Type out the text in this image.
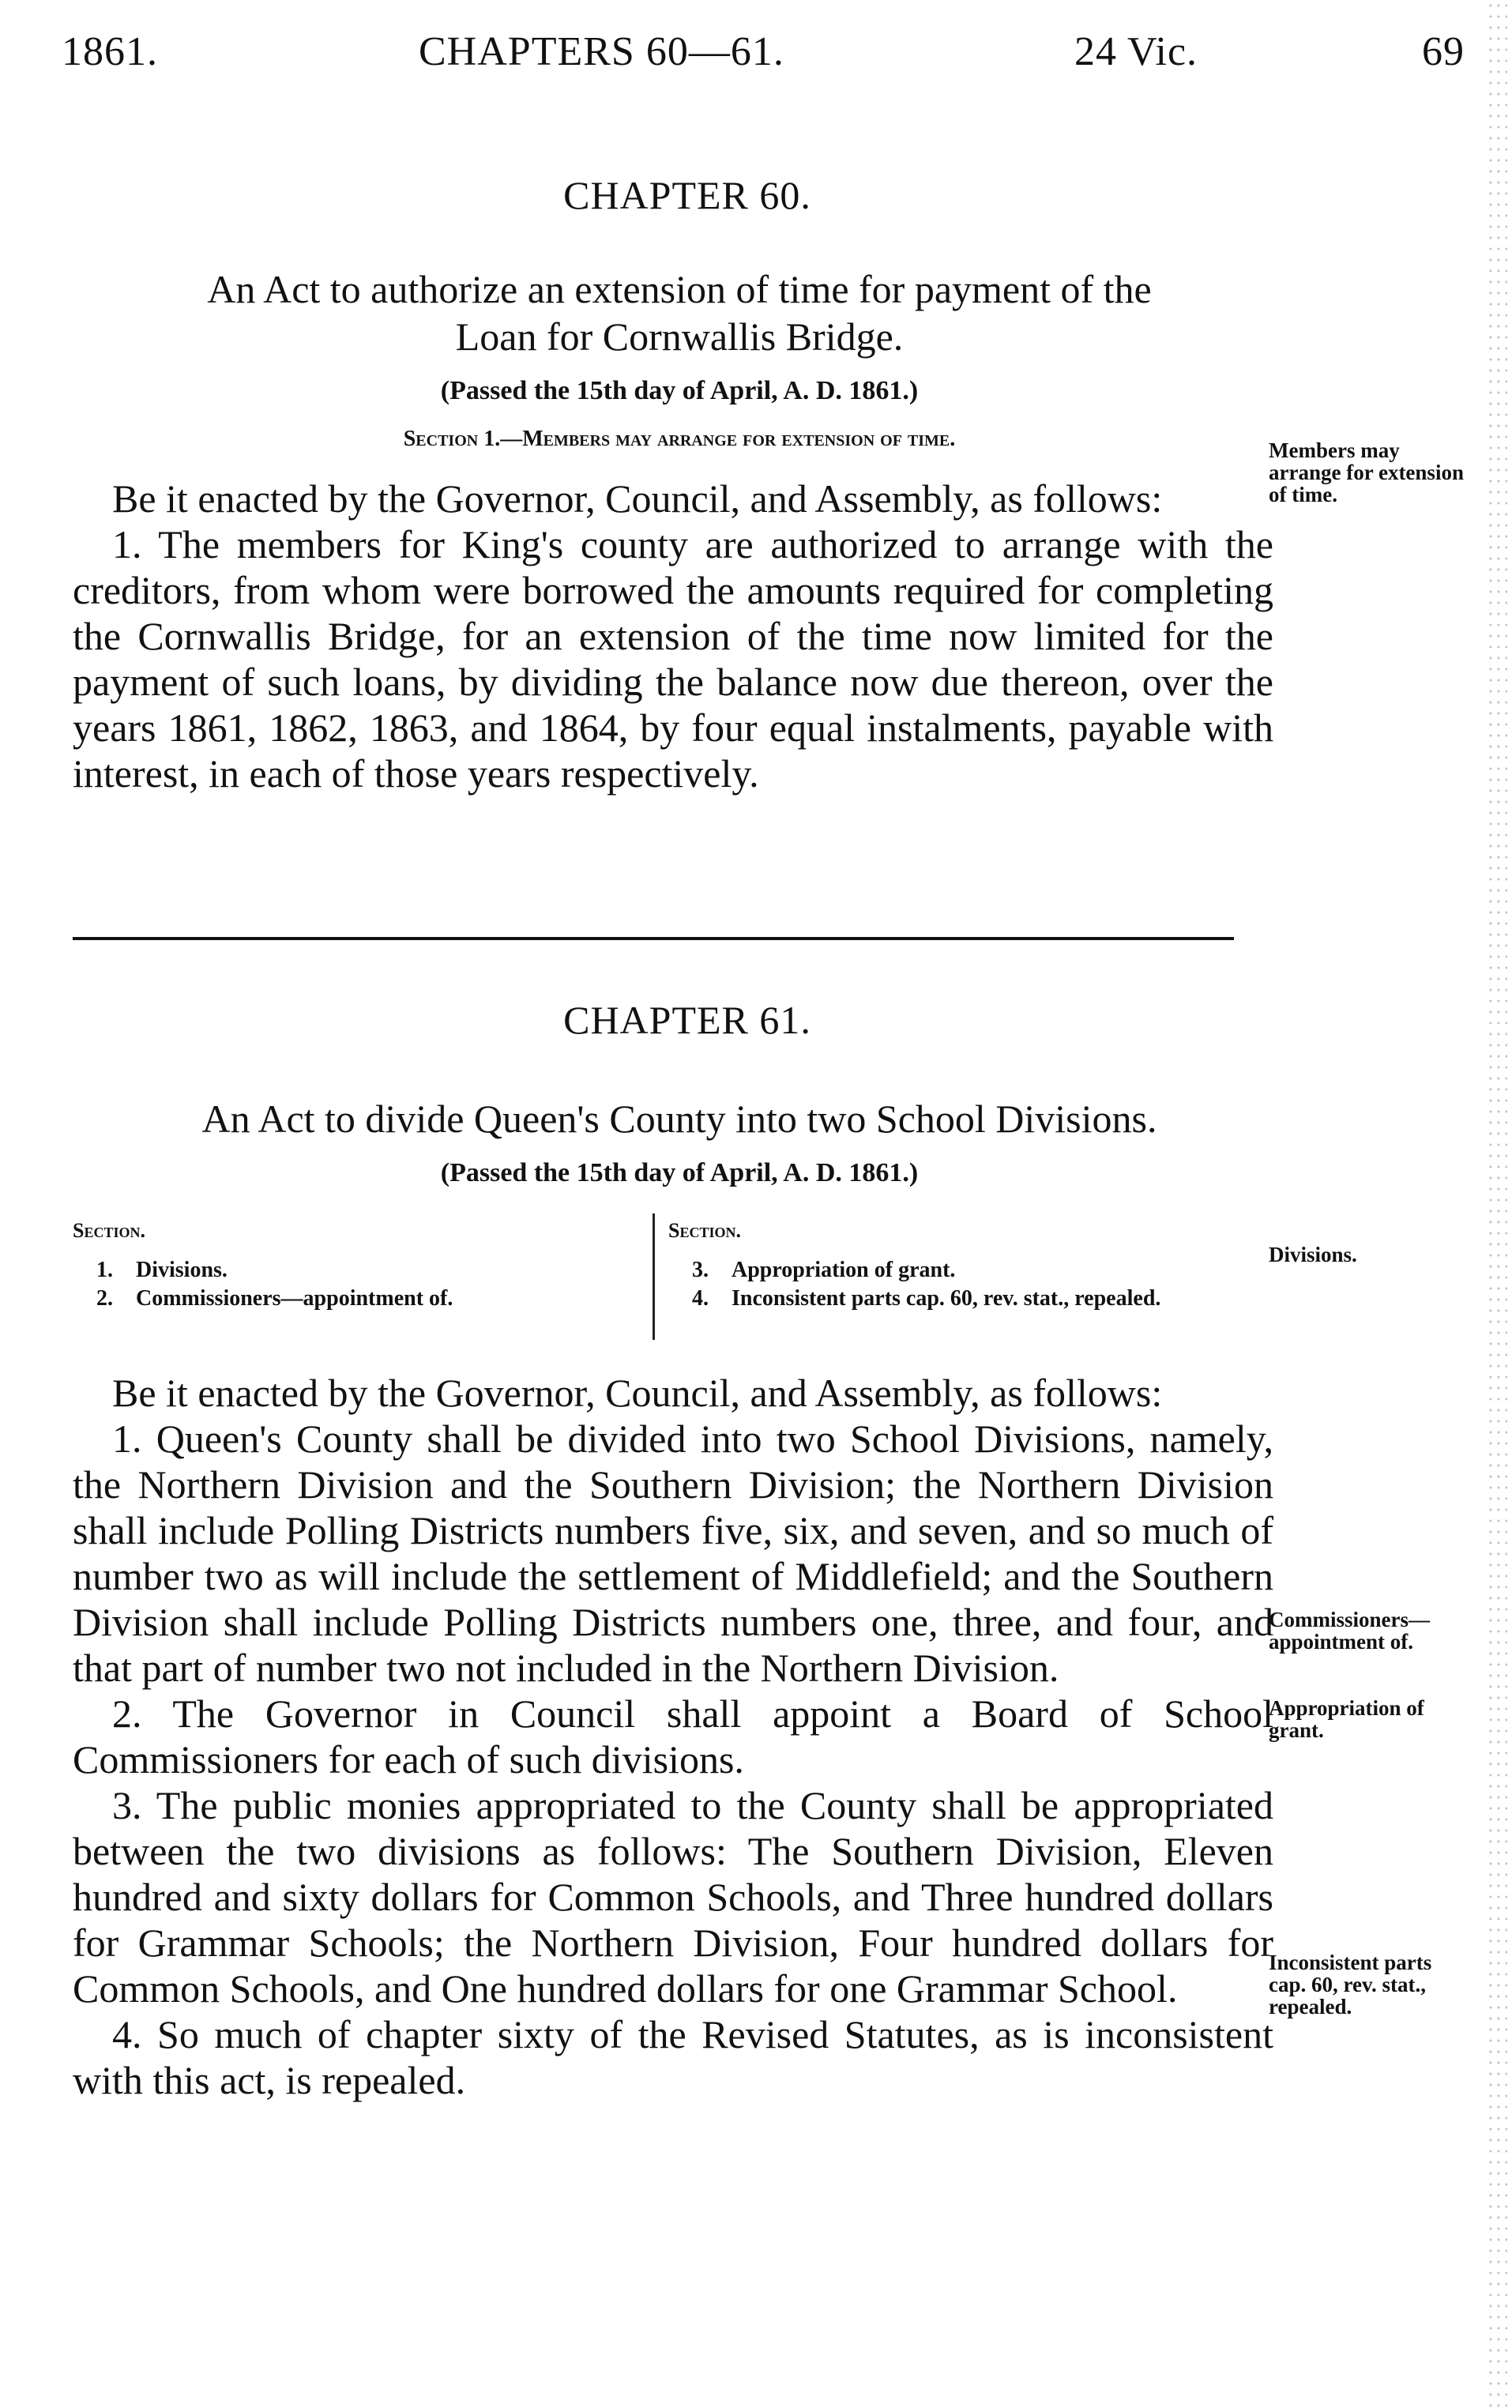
1861.	CHAPTERS 60—61.	24 Vic.	69
CHAPTER 60.
An Act to authorize an extension of time for payment of the
Loan for Cornwallis Bridge.
(Passed the 15th day of April, A. D. 1861.)
Section 1.—Members may arrange for extension of time.

Be it enacted by the Governor, Council, and Assembly, as follows:

1. The members for King's county are authorized to arrange with the creditors, from whom were borrowed the amounts required for completing the Cornwallis Bridge, for an extension of the time now limited for the payment of such loans, by dividing the balance now due thereon, over the years 1861, 1862, 1863, and 1864, by four equal instalments, payable with interest, in each of those years respectively.

Members may arrange for extension of time.
CHAPTER 61.
An Act to divide Queen's County into two School Divisions.
(Passed the 15th day of April, A. D. 1861.)
Section.
1.	Divisions.
2.	Commissioners—appointment of.
Section.
3.	Appropriation of grant.
4.	Inconsistent parts cap. 60, rev. stat., repealed.

Be it enacted by the Governor, Council, and Assembly, as follows:

1. Queen's County shall be divided into two School Divisions, namely, the Northern Division and the Southern Division; the Northern Division shall include Polling Districts numbers five, six, and seven, and so much of number two as will include the settlement of Middlefield; and the Southern Division shall include Polling Districts numbers one, three, and four, and that part of number two not included in the Northern Division.

2. The Governor in Council shall appoint a Board of School Commissioners for each of such divisions.

3. The public monies appropriated to the County shall be appropriated between the two divisions as follows: The Southern Division, Eleven hundred and sixty dollars for Common Schools, and Three hundred dollars for Grammar Schools; the Northern Division, Four hundred dollars for Common Schools, and One hundred dollars for one Grammar School.

4. So much of chapter sixty of the Revised Statutes, as is inconsistent with this act, is repealed.

Divisions.
Commissioners—appointment of.
Appropriation of grant.
Inconsistent parts cap. 60, rev. stat., repealed.
